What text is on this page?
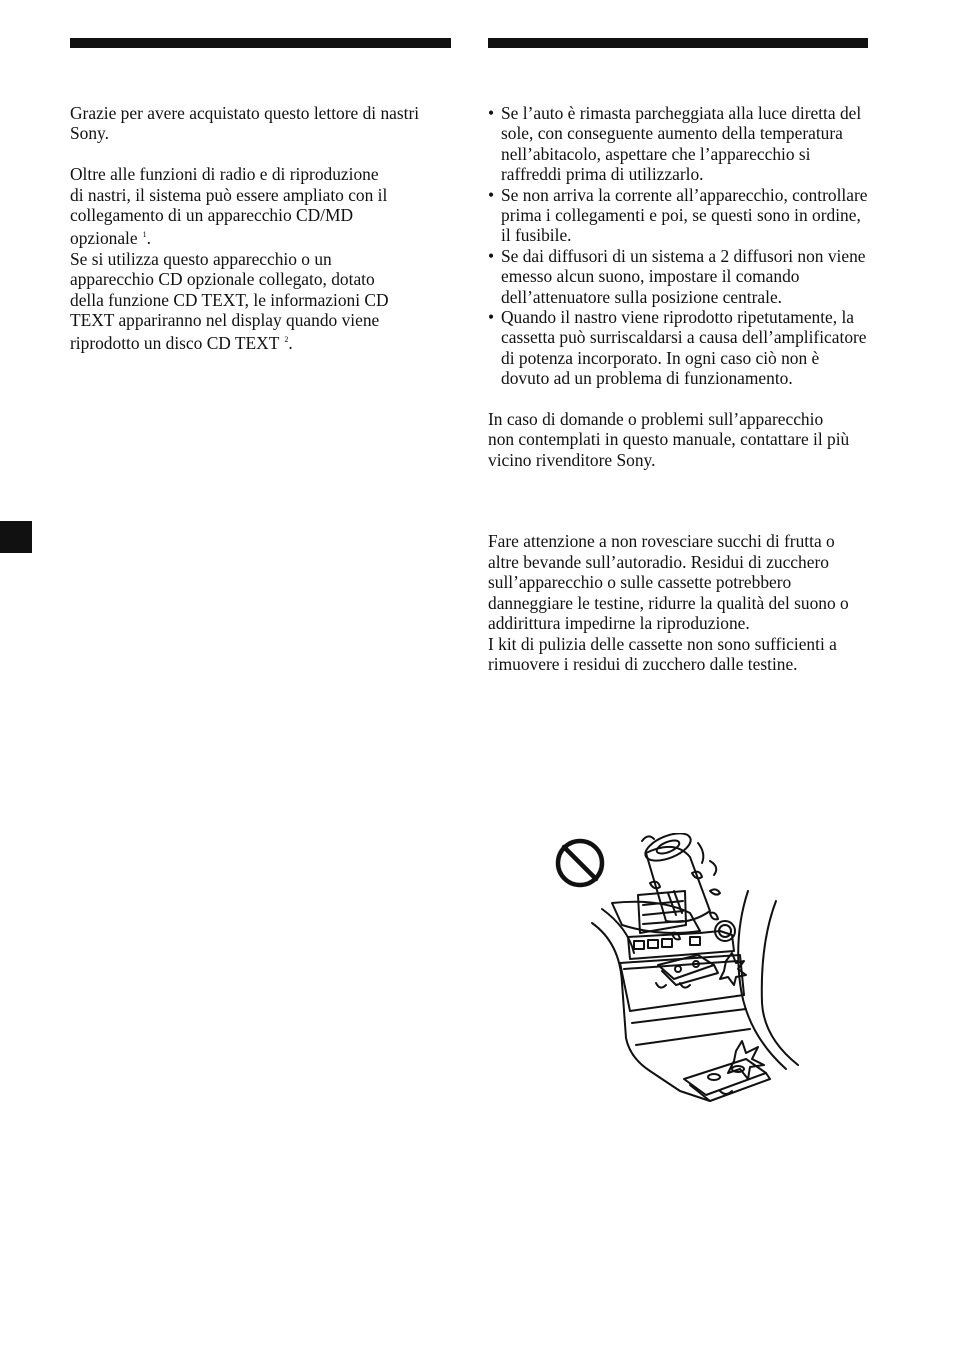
Grazie per avere acquistato questo lettore di nastri Sony.

Oltre alle funzioni di radio e di riproduzione
di nastri, il sistema può essere ampliato con il
collegamento di un apparecchio CD/MD
opzionale $^1$.

Se si utilizza questo apparecchio o un
apparecchio CD opzionale collegato, dotato
della funzione CD TEXT, le informazioni CD
TEXT appariranno nel display quando viene
riprodotto un disco CD TEXT $^2$.

• Se l’auto è rimasta parcheggiata alla luce diretta del sole, con conseguente aumento della temperatura nell’abitacolo, aspettare che l’apparecchio si raffreddi prima di utilizzarlo.
• Se non arriva la corrente all’apparecchio, controllare prima i collegamenti e poi, se questi sono in ordine, il fusibile.
• Se dai diffusori di un sistema a 2 diffusori non viene emesso alcun suono, impostare il comando dell’attenuatore sulla posizione centrale.
• Quando il nastro viene riprodotto ripetutamente, la cassetta può surriscaldarsi a causa dell’amplificatore di potenza incorporato. In ogni caso ciò non è dovuto ad un problema di funzionamento.

In caso di domande o problemi sull’apparecchio non contemplati in questo manuale, contattare il più vicino rivenditore Sony.

Fare attenzione a non rovesciare succhi di frutta o altre bevande sull’autoradio. Residui di zucchero sull’apparecchio o sulle cassette potrebbero danneggiare le testine, ridurre la qualità del suono o addirittura impedirne la riproduzione.

I kit di pulizia delle cassette non sono sufficienti a rimuovere i residui di zucchero dalle testine.
